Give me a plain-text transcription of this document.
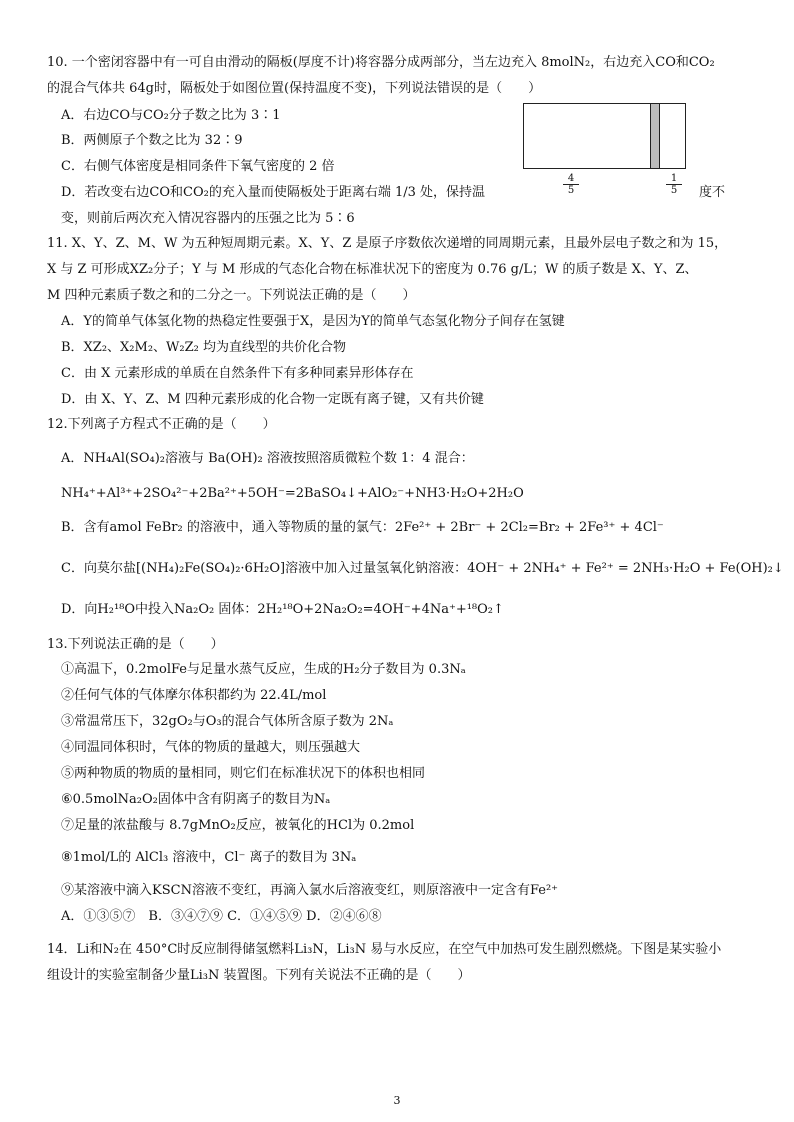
10. 一个密闭容器中有一可自由滑动的隔板(厚度不计)将容器分成两部分，当左边充入 8molN₂，右边充入CO和CO₂
的混合气体共 64g时，隔板处于如图位置(保持温度不变)，下列说法错误的是（　　）
A．右边CO与CO₂分子数之比为 3∶1
B．两侧原子个数之比为 32∶9
C．右侧气体密度是相同条件下氧气密度的 2 倍
D．若改变右边CO和CO₂的充入量而使隔板处于距离右端 1/3 处，保持温	度不
变，则前后两次充入情况容器内的压强之比为 5∶6
$\frac{4}{5}$	$\frac{1}{5}$
11. X、Y、Z、M、W 为五种短周期元素。X、Y、Z 是原子序数依次递增的同周期元素，且最外层电子数之和为 15，
X 与 Z 可形成XZ₂分子；Y 与 M 形成的气态化合物在标准状况下的密度为 0.76 g/L；W 的质子数是 X、Y、Z、
M 四种元素质子数之和的二分之一。下列说法正确的是（　　）
A．Y的简单气体氢化物的热稳定性要强于X，是因为Y的简单气态氢化物分子间存在氢键
B．XZ₂、X₂M₂、W₂Z₂ 均为直线型的共价化合物
C．由 X 元素形成的单质在自然条件下有多种同素异形体存在
D．由 X、Y、Z、M 四种元素形成的化合物一定既有离子键，又有共价键
12.下列离子方程式不正确的是（　　）
A．NH₄Al(SO₄)₂溶液与 Ba(OH)₂ 溶液按照溶质微粒个数 1：4 混合：
NH₄⁺+Al³⁺+2SO₄²⁻+2Ba²⁺+5OH⁻=2BaSO₄↓+AlO₂⁻+NH3·H₂O+2H₂O
B．含有amol FeBr₂ 的溶液中，通入等物质的量的氯气：2Fe²⁺ + 2Br⁻ + 2Cl₂=Br₂ + 2Fe³⁺ + 4Cl⁻
C．向莫尔盐[(NH₄)₂Fe(SO₄)₂·6H₂O]溶液中加入过量氢氧化钠溶液：4OH⁻ + 2NH₄⁺ + Fe²⁺ = 2NH₃·H₂O + Fe(OH)₂↓
D．向H₂¹⁸O中投入Na₂O₂ 固体：2H₂¹⁸O+2Na₂O₂=4OH⁻+4Na⁺+¹⁸O₂↑
13.下列说法正确的是（　　）
①高温下，0.2molFe与足量水蒸气反应，生成的H₂分子数目为 0.3Nₐ
②任何气体的气体摩尔体积都约为 22.4L/mol
③常温常压下，32gO₂与O₃的混合气体所含原子数为 2Nₐ
④同温同体积时，气体的物质的量越大，则压强越大
⑤两种物质的物质的量相同，则它们在标准状况下的体积也相同
⑥0.5molNa₂O₂固体中含有阴离子的数目为Nₐ
⑦足量的浓盐酸与 8.7gMnO₂反应，被氧化的HCl为 0.2mol
⑧1mol/L的 AlCl₃ 溶液中，Cl⁻ 离子的数目为 3Nₐ
⑨某溶液中滴入KSCN溶液不变红，再滴入氯水后溶液变红，则原溶液中一定含有Fe²⁺
A．①③⑤⑦　B．③④⑦⑨ C．①④⑤⑨ D．②④⑥⑧
14．Li和N₂在 450°C时反应制得储氢燃料Li₃N，Li₃N 易与水反应，在空气中加热可发生剧烈燃烧。下图是某实验小
组设计的实验室制备少量Li₃N 装置图。下列有关说法不正确的是（　　）
3
